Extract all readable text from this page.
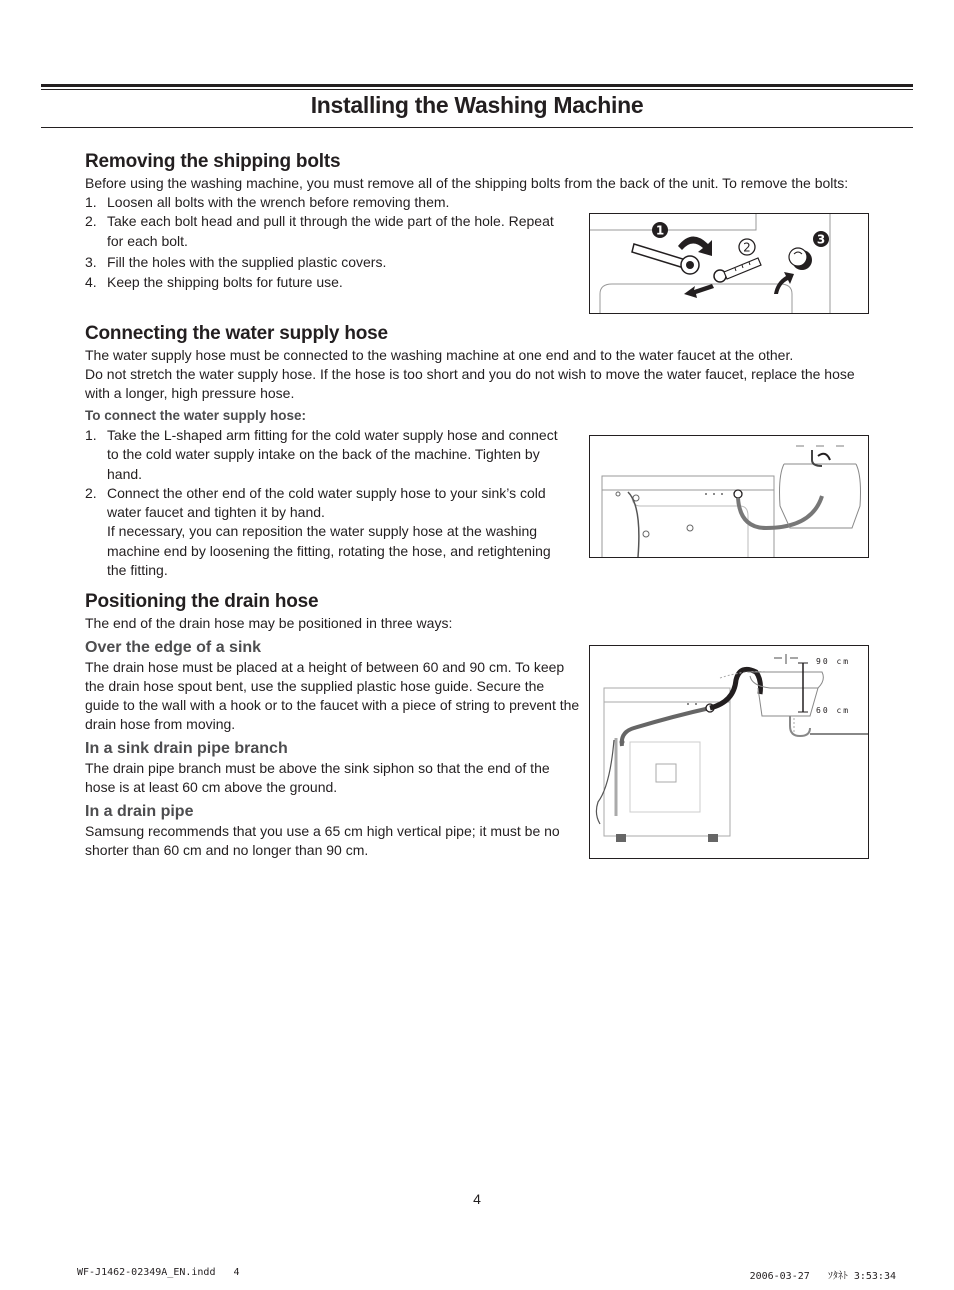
Installing the Washing Machine
Removing the shipping bolts

Before using the washing machine, you must remove all of the shipping bolts from the back of the unit. To remove the bolts:

1. Loosen all bolts with the wrench before removing them.
2. Take each bolt head and pull it through the wide part of the hole. Repeat for each bolt.
3. Fill the holes with the supplied plastic covers.
4. Keep the shipping bolts for future use.
1
2
3
Connecting the water supply hose

The water supply hose must be connected to the washing machine at one end and to the water faucet at the other.

Do not stretch the water supply hose. If the hose is too short and you do not wish to move the water faucet, replace the hose with a longer, high pressure hose.

To connect the water supply hose:
1. Take the L-shaped arm fitting for the cold water supply hose and connect to the cold water supply intake on the back of the machine. Tighten by hand.
2. Connect the other end of the cold water supply hose to your sink’s cold water faucet and tighten it by hand.
If necessary, you can reposition the water supply hose at the washing machine end by loosening the fitting, rotating the hose, and retightening the fitting.
Positioning the drain hose

The end of the drain hose may be positioned in three ways:

Over the edge of a sink

The drain hose must be placed at a height of between 60 and 90 cm. To keep the drain hose spout bent, use the supplied plastic hose guide. Secure the guide to the wall with a hook or to the faucet with a piece of string to prevent the drain hose from moving.

In a sink drain pipe branch

The drain pipe branch must be above the sink siphon so that the end of the hose is at least 60 cm above the ground.

In a drain pipe

Samsung recommends that you use a 65 cm high vertical pipe; it must be no shorter than 60 cm and no longer than 90 cm.

90 cm
60 cm
4
WF-J1462-02349A_EN.indd   4	2006-03-27   ｿﾀﾈﾄ 3:53:34
